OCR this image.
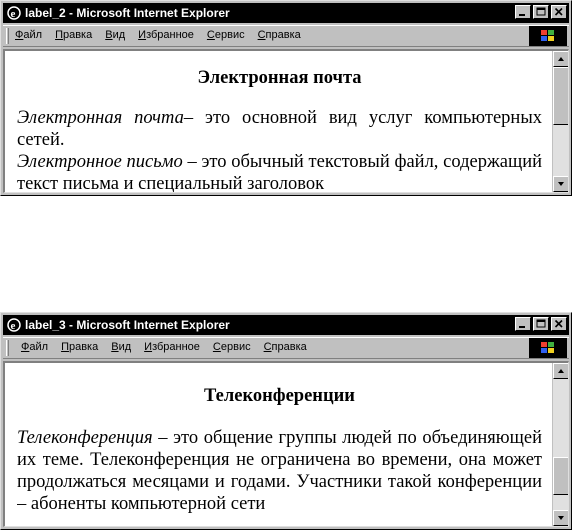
e label_2 - Microsoft Internet Explorer
Файл Правка Вид Избранное Сервис Справка

Электронная почта

Электронная почта– это основной вид услуг компьютерных сетей.

Электронное письмо – это обычный текстовый файл, содержащий текст письма и специальный заголовок

e label_3 - Microsoft Internet Explorer
Файл Правка Вид Избранное Сервис Справка

Телеконференции

Телеконференция – это общение группы людей по объединяющей их теме. Телеконференция не ограничена во времени, она может продолжаться месяцами и годами. Участники такой конференции – абоненты компьютерной сети
